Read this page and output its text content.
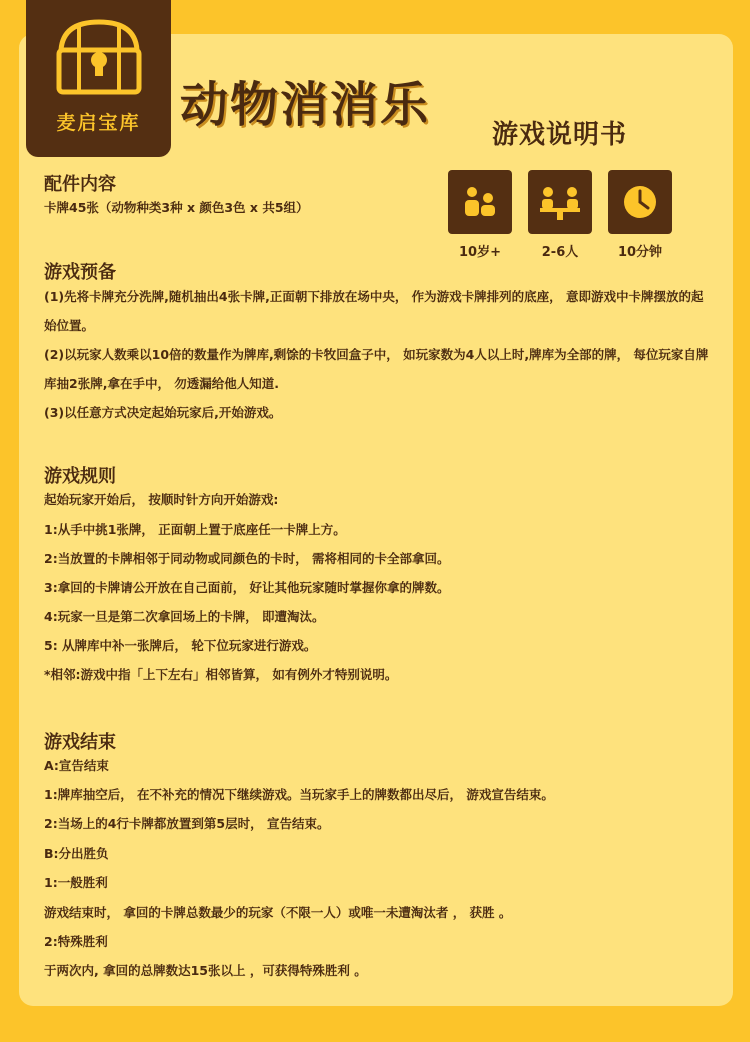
麦启宝库 动物消消乐
游戏说明书
10岁+	2-6人	10分钟
配件内容
卡牌45张（动物种类3种 x 颜色3色 x 共5组）
游戏预备
(1)先将卡牌充分洗牌,随机抽出4张卡牌,正面朝下排放在场中央， 作为游戏卡牌排列的底座， 意即游戏中卡牌摆放的起始位置。
(2)以玩家人数乘以10倍的数量作为牌库,剩馀的卡牧回盒子中， 如玩家数为4人以上时,牌库为全部的牌， 每位玩家自牌库抽2张牌,拿在手中， 勿透漏给他人知道.
(3)以任意方式决定起始玩家后,开始游戏。
游戏规则
起始玩家开始后， 按顺时针方向开始游戏:
1:从手中挑1张牌， 正面朝上置于底座任一卡牌上方。
2:当放置的卡牌相邻于同动物或同颜色的卡时， 需将相同的卡全部拿回。
3:拿回的卡牌请公开放在自己面前， 好让其他玩家随时掌握你拿的牌数。
4:玩家一旦是第二次拿回场上的卡牌， 即遭淘汰。
5: 从牌库中补一张牌后， 轮下位玩家进行游戏。
*相邻:游戏中指「上下左右」相邻皆算， 如有例外才特别说明。
游戏结束
A:宣告结束
1:牌库抽空后， 在不补充的情况下继续游戏。当玩家手上的牌数都出尽后， 游戏宣告结束。
2:当场上的4行卡牌都放置到第5层时， 宣告结束。
B:分出胜负
1:一般胜利
游戏结束时， 拿回的卡牌总数最少的玩家（不限一人）或唯一未遭淘汰者 ， 获胜 。
2:特殊胜利
于两次内, 拿回的总牌数达15张以上 ，可获得特殊胜利 。
